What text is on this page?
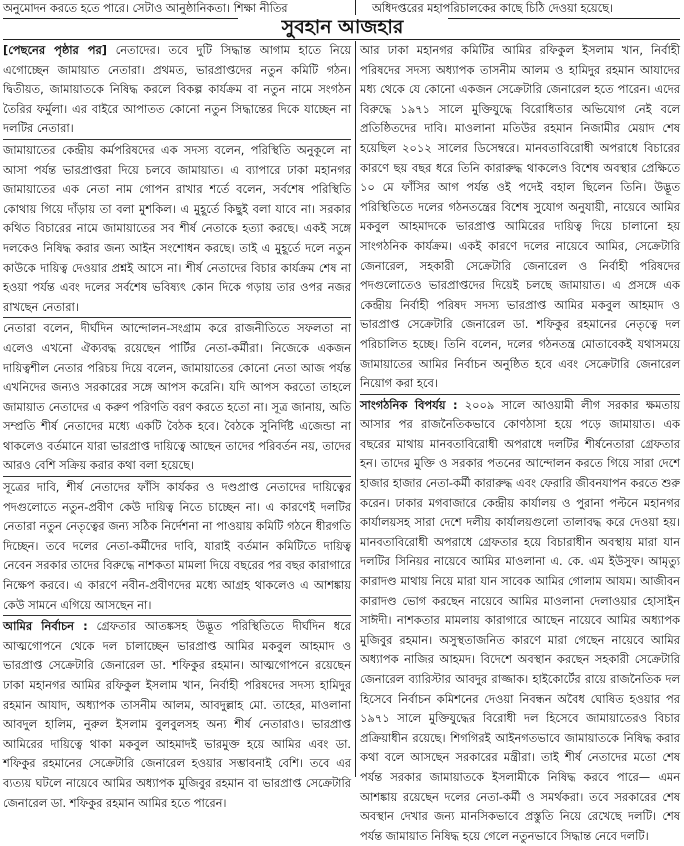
অনুমোদন করতে হতে পারে। সেটাও আনুষ্ঠানিকতা। শিক্ষা নীতির	অধিদপ্তরের মহাপরিচালকের কাছে চিঠি দেওয়া হয়েছে।
সুবহান আজহার

[পেছনের পৃষ্ঠার পর] নেতাদের। তবে দুটি সিদ্ধান্ত আগাম হাতে নিয়ে এগোচ্ছেন জামায়াত নেতারা। প্রথমত, ভারপ্রাপ্তদের নতুন কমিটি গঠন। দ্বিতীয়ত, জামায়াতকে নিষিদ্ধ করলে বিকল্প কার্যক্রম বা নতুন নামে সংগঠন তৈরির ফর্মুলা। এর বাইরে আপাতত কোনো নতুন সিদ্ধান্তের দিকে যাচ্ছেন না দলটির নেতারা।

জামায়াতের কেন্দ্রীয় কর্মপরিষদের এক সদস্য বলেন, পরিস্থিতি অনুকূলে না আসা পর্যন্ত ভারপ্রাপ্তরা দিয়ে চলবে জামায়াত। এ ব্যাপারে ঢাকা মহানগর জামায়াতের এক নেতা নাম গোপন রাখার শর্তে বলেন, সর্বশেষ পরিস্থিতি কোথায় গিয়ে দাঁড়ায় তা বলা মুশকিল। এ মুহূর্তে কিছুই বলা যাবে না। সরকার কথিত বিচারের নামে জামায়াতের সব শীর্ষ নেতাকে হত্যা করছে। একই সঙ্গে দলকেও নিষিদ্ধ করার জন্য আইন সংশোধন করছে। তাই এ মুহূর্তে দলে নতুন কাউকে দায়িত্ব দেওয়ার প্রশ্নই আসে না। শীর্ষ নেতাদের বিচার কার্যক্রম শেষ না হওয়া পর্যন্ত এবং দলের সর্বশেষ ভবিষ্যৎ কোন দিকে গড়ায় তার ওপর নজর রাখছেন নেতারা।

নেতারা বলেন, দীর্ঘদিন আন্দোলন-সংগ্রাম করে রাজনীতিতে সফলতা না এলেও এখনো ঐক্যবদ্ধ রয়েছেন পার্টির নেতা-কর্মীরা। নিজেকে একজন দায়িত্বশীল নেতার পরিচয় দিয়ে বলেন, জামায়াতের কোনো নেতা আজ পর্যন্ত এখনিদের জন্যও সরকারের সঙ্গে আপস করেনি। যদি আপস করতো তাহলে জামায়াত নেতাদের এ করুণ পরিণতি বরণ করতে হতো না। সূত্র জানায়, অতি সম্প্রতি শীর্ষ নেতাদের মধ্যে একটি বৈঠক হবে। বৈঠকে সুনির্দিষ্ট এজেন্ডা না থাকলেও বর্তমানে যারা ভারপ্রাপ্ত দায়িত্বে আছেন তাদের পরিবর্তন নয়, তাদের আরও বেশি সক্রিয় করার কথা বলা হয়েছে।

সূত্রের দাবি, শীর্ষ নেতাদের ফাঁসি কার্যকর ও দণ্ডপ্রাপ্ত নেতাদের দায়িত্বের পদগুলোতে নতুন-প্রবীণ কেউ দায়িত্ব নিতে চাচ্ছেন না। এ কারণেই দলটির নেতারা নতুন নেতৃত্বের জন্য সঠিক নির্দেশনা না পাওয়ায় কমিটি গঠনে ধীরগতি দিচ্ছেন। তবে দলের নেতা-কর্মীদের দাবি, যারাই বর্তমান কমিটিতে দায়িত্ব নেবেন সরকার তাদের বিরুদ্ধে নাশকতা মামলা দিয়ে বছরের পর বছর কারাগারে নিক্ষেপ করবে। এ কারণে নবীন-প্রবীণদের মধ্যে আগ্রহ থাকলেও এ আশঙ্কায় কেউ সামনে এগিয়ে আসছেন না।

আমির নির্বাচন : গ্রেফতার আতঙ্কসহ উদ্ভূত পরিস্থিতিতে দীর্ঘদিন ধরে আত্মগোপনে থেকে দল চালাচ্ছেন ভারপ্রাপ্ত আমির মকবুল আহমাদ ও ভারপ্রাপ্ত সেক্রেটারি জেনারেল ডা. শফিকুর রহমান। আত্মগোপনে রয়েছেন ঢাকা মহানগর আমির রফিকুল ইসলাম খান, নির্বাহী পরিষদের সদস্য হামিদুর রহমান আযাদ, অধ্যাপক তাসনীম আলম, আবদুল্লাহ মো. তাহের, মাওলানা আবদুল হালিম, নুরুল ইসলাম বুলবুলসহ অন্য শীর্ষ নেতারাও। ভারপ্রাপ্ত আমিরের দায়িত্বে থাকা মকবুল আহমাদই ভারমুক্ত হয়ে আমির এবং ডা. শফিকুর রহমানের সেক্রেটারি জেনারেল হওয়ার সম্ভাবনাই বেশি। তবে এর ব্যত্যয় ঘটলে নায়েবে আমির অধ্যাপক মুজিবুর রহমান বা ভারপ্রাপ্ত সেক্রেটারি জেনারেল ডা. শফিকুর রহমান আমির হতে পারেন।

আর ঢাকা মহানগর কমিটির আমির রফিকুল ইসলাম খান, নির্বাহী পরিষদের সদস্য অধ্যাপক তাসনীম আলম ও হামিদুর রহমান আযাদের মধ্য থেকে যে কোনো একজন সেক্রেটারি জেনারেল হতে পারেন। এদের বিরুদ্ধে ১৯৭১ সালে মুক্তিযুদ্ধে বিরোধিতার অভিযোগ নেই বলে প্রতিষ্ঠিতদের দাবি। মাওলানা মতিউর রহমান নিজামীর মেয়াদ শেষ হয়েছিল ২০১২ সালের ডিসেম্বরে। মানবতাবিরোধী অপরাধে বিচারের কারণে ছয় বছর ধরে তিনি কারারুদ্ধ থাকলেও বিশেষ অবস্থার প্রেক্ষিতে ১০ মে ফাঁসির আগ পর্যন্ত ওই পদেই বহাল ছিলেন তিনি। উদ্ভূত পরিস্থিতিতে দলের গঠনতন্ত্রের বিশেষ সুযোগ অনুযায়ী, নায়েবে আমির মকবুল আহমাদকে ভারপ্রাপ্ত আমিরের দায়িত্ব দিয়ে চালানো হয় সাংগঠনিক কার্যক্রম। একই কারণে দলের নায়েবে আমির, সেক্রেটারি জেনারেল, সহকারী সেক্রেটারি জেনারেল ও নির্বাহী পরিষদের পদগুলোতেও ভারপ্রাপ্তদের দিয়েই চলছে জামায়াত। এ প্রসঙ্গে এক কেন্দ্রীয় নির্বাহী পরিষদ সদস্য ভারপ্রাপ্ত আমির মকবুল আহমাদ ও ভারপ্রাপ্ত সেক্রেটারি জেনারেল ডা. শফিকুর রহমানের নেতৃত্বে দল পরিচালিত হচ্ছে। তিনি বলেন, দলের গঠনতন্ত্র মোতাবেকই যথাসময়ে জামায়াতের আমির নির্বাচন অনুষ্ঠিত হবে এবং সেক্রেটারি জেনারেল নিয়োগ করা হবে।

সাংগঠনিক বিপর্যয় : ২০০৯ সালে আওয়ামী লীগ সরকার ক্ষমতায় আসার পর রাজনৈতিকভাবে কোণঠাসা হয়ে পড়ে জামায়াত। এক বছরের মাথায় মানবতাবিরোধী অপরাধে দলটির শীর্ষনেতারা গ্রেফতার হন। তাদের মুক্তি ও সরকার পতনের আন্দোলন করতে গিয়ে সারা দেশে হাজার হাজার নেতা-কর্মী কারারুদ্ধ এবং ফেরারি জীবনযাপন করতে শুরু করেন। ঢাকার মগবাজারে কেন্দ্রীয় কার্যালয় ও পুরানা পল্টনে মহানগর কার্যালয়সহ সারা দেশে দলীয় কার্যালয়গুলো তালাবদ্ধ করে দেওয়া হয়। মানবতাবিরোধী অপরাধে গ্রেফতার হয়ে বিচারাধীন অবস্থায় মারা যান দলটির সিনিয়র নায়েবে আমির মাওলানা এ. কে. এম ইউসুফ। আমৃত্যু কারাদণ্ড মাথায় নিয়ে মারা যান সাবেক আমির গোলাম আযম। আজীবন কারাদণ্ড ভোগ করছেন নায়েবে আমির মাওলানা দেলাওয়ার হোসাইন সাঈদী। নাশকতার মামলায় কারাগারে আছেন নায়েবে আমির অধ্যাপক মুজিবুর রহমান। অসুস্থতাজনিত কারণে মারা গেছেন নায়েবে আমির অধ্যাপক নাজির আহমদ। বিদেশে অবস্থান করছেন সহকারী সেক্রেটারি জেনারেল ব্যারিস্টার আবদুর রাজ্জাক। হাইকোর্টের রায়ে রাজনৈতিক দল হিসেবে নির্বাচন কমিশনের দেওয়া নিবন্ধন অবৈধ ঘোষিত হওয়ার পর ১৯৭১ সালে মুক্তিযুদ্ধের বিরোধী দল হিসেবে জামায়াতেরও বিচার প্রক্রিয়াধীন রয়েছে। শিগগিরই আইনগতভাবে জামায়াতকে নিষিদ্ধ করার কথা বলে আসছেন সরকারের মন্ত্রীরা। তাই শীর্ষ নেতাদের মতো শেষ পর্যন্ত সরকার জামায়াতকে ইসলামীকে নিষিদ্ধ করবে পারে— এমন আশঙ্কায় রয়েছেন দলের নেতা-কর্মী ও সমর্থকরা। তবে সরকারের শেষ অবস্থান দেখার জন্য মানসিকভাবে প্রস্তুতি নিয়ে রেখেছে দলটি। শেষ পর্যন্ত জামায়াত নিষিদ্ধ হয়ে গেলে নতুনভাবে সিদ্ধান্ত নেবে দলটি।
